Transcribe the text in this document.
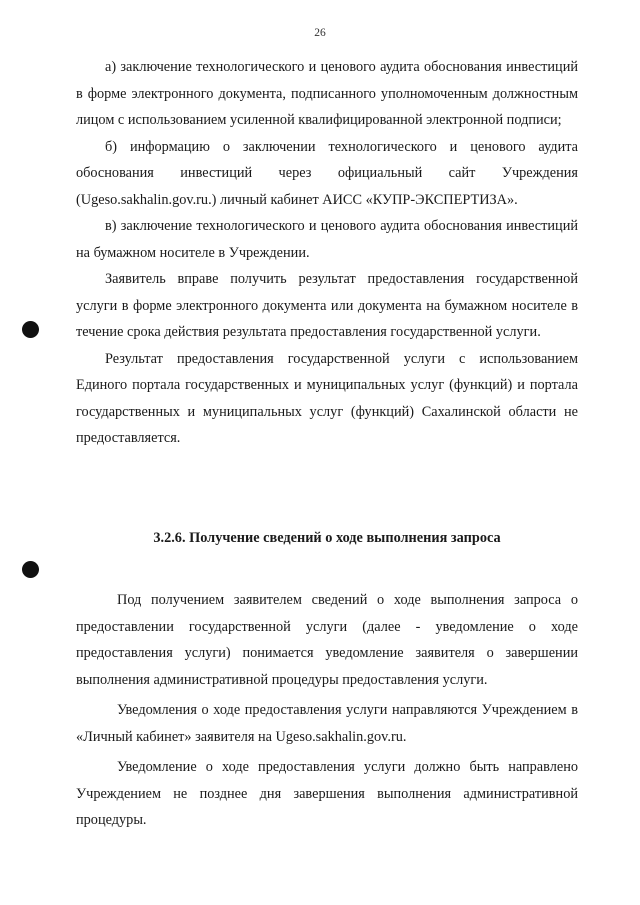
26

а) заключение технологического и ценового аудита обоснования инвестиций в форме электронного документа, подписанного уполномоченным должностным лицом с использованием усиленной квалифицированной электронной подписи;

б) информацию о заключении технологического и ценового аудита обоснования инвестиций через официальный сайт Учреждения (Ugeso.sakhalin.gov.ru.) личный кабинет АИСС «КУПР-ЭКСПЕРТИЗА».

в) заключение технологического и ценового аудита обоснования инвестиций на бумажном носителе в Учреждении.

Заявитель вправе получить результат предоставления государственной услуги в форме электронного документа или документа на бумажном носителе в течение срока действия результата предоставления государственной услуги.

Результат предоставления государственной услуги с использованием Единого портала государственных и муниципальных услуг (функций) и портала государственных и муниципальных услуг (функций) Сахалинской области не предоставляется.

3.2.6. Получение сведений о ходе выполнения запроса

Под получением заявителем сведений о ходе выполнения запроса о предоставлении государственной услуги (далее - уведомление о ходе предоставления услуги) понимается уведомление заявителя о завершении выполнения административной процедуры предоставления услуги.

Уведомления о ходе предоставления услуги направляются Учреждением в «Личный кабинет» заявителя на Ugeso.sakhalin.gov.ru.

Уведомление о ходе предоставления услуги должно быть направлено Учреждением не позднее дня завершения выполнения административной процедуры.
